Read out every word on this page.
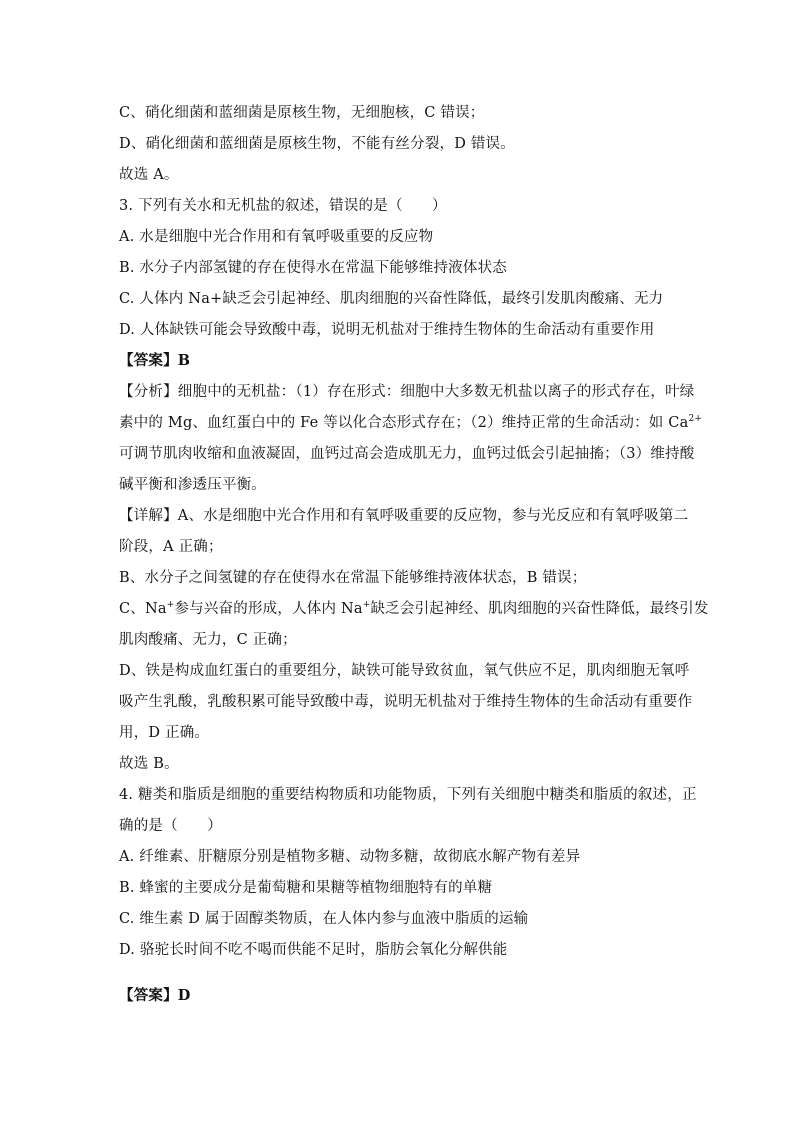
C、硝化细菌和蓝细菌是原核生物，无细胞核，C 错误；
D、硝化细菌和蓝细菌是原核生物，不能有丝分裂，D 错误。
故选 A。
3. 下列有关水和无机盐的叙述，错误的是（　　）
A. 水是细胞中光合作用和有氧呼吸重要的反应物
B. 水分子内部氢键的存在使得水在常温下能够维持液体状态
C. 人体内 Na+缺乏会引起神经、肌肉细胞的兴奋性降低，最终引发肌肉酸痛、无力
D. 人体缺铁可能会导致酸中毒，说明无机盐对于维持生物体的生命活动有重要作用
【答案】B
【分析】细胞中的无机盐：（1）存在形式：细胞中大多数无机盐以离子的形式存在，叶绿
素中的 Mg、血红蛋白中的 Fe 等以化合态形式存在；（2）维持正常的生命活动：如 $Ca^{2+}$
可调节肌肉收缩和血液凝固，血钙过高会造成肌无力，血钙过低会引起抽搐；（3）维持酸
碱平衡和渗透压平衡。
【详解】A、水是细胞中光合作用和有氧呼吸重要的反应物，参与光反应和有氧呼吸第二
阶段，A 正确；
B、水分子之间氢键的存在使得水在常温下能够维持液体状态，B 错误；
C、Na+参与兴奋的形成，人体内 Na+缺乏会引起神经、肌肉细胞的兴奋性降低，最终引发
肌肉酸痛、无力，C 正确；
D、铁是构成血红蛋白的重要组分，缺铁可能导致贫血，氧气供应不足，肌肉细胞无氧呼
吸产生乳酸，乳酸积累可能导致酸中毒，说明无机盐对于维持生物体的生命活动有重要作
用，D 正确。
故选 B。
4. 糖类和脂质是细胞的重要结构物质和功能物质，下列有关细胞中糖类和脂质的叙述，正
确的是（　　）
A. 纤维素、肝糖原分别是植物多糖、动物多糖，故彻底水解产物有差异
B. 蜂蜜的主要成分是葡萄糖和果糖等植物细胞特有的单糖
C. 维生素 D 属于固醇类物质，在人体内参与血液中脂质的运输
D. 骆驼长时间不吃不喝而供能不足时，脂肪会氧化分解供能
【答案】D
